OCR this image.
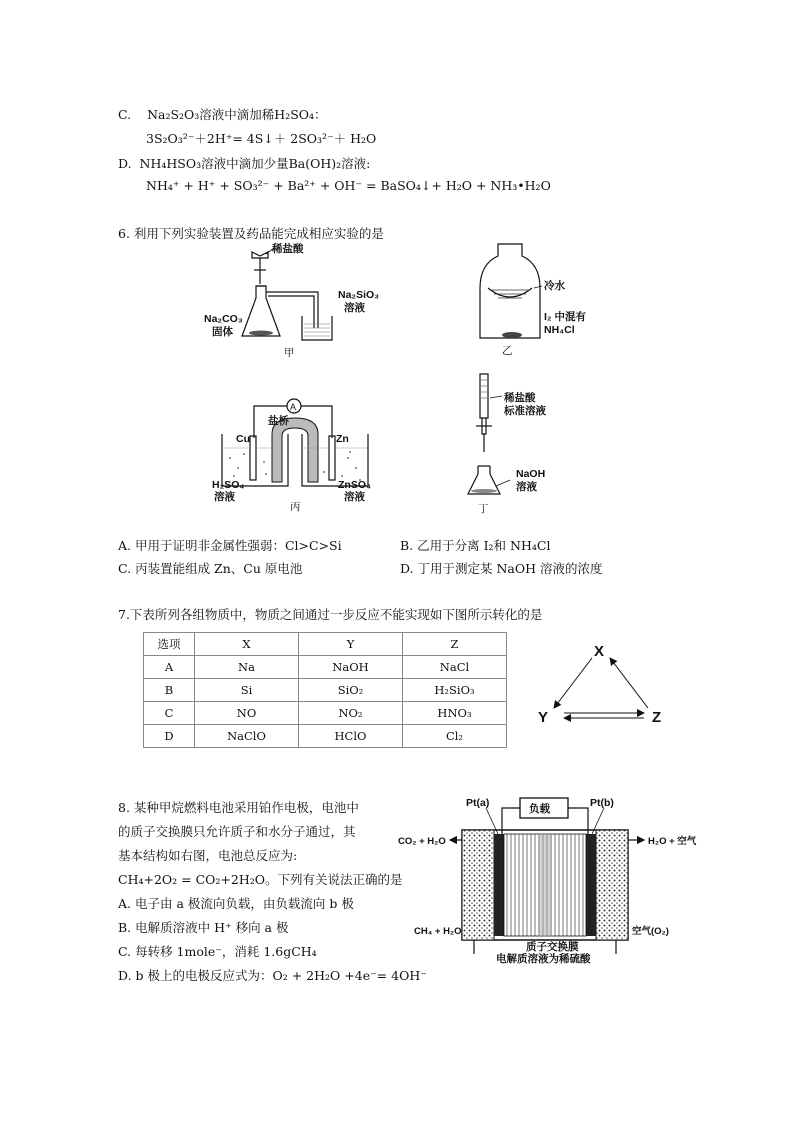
C. Na₂S₂O₃溶液中滴加稀H₂SO₄：
3S₂O₃²⁻＋2H⁺= 4S↓＋ 2SO₃²⁻＋ H₂O
D. NH₄HSO₃溶液中滴加少量Ba(OH)₂溶液:
NH₄⁺ + H⁺ + SO₃²⁻ + Ba²⁺ + OH⁻ = BaSO₄↓+ H₂O + NH₃•H₂O
6. 利用下列实验装置及药品能完成相应实验的是
稀盐酸
Na₂CO₃
固体
Na₂SiO₃
溶液
甲
冷水
I₂ 中混有
NH₄Cl
乙
A
盐桥
Cu	Zn
H₂SO₄
溶液
ZnSO₄
溶液
丙
稀盐酸
标准溶液
NaOH
溶液
丁
A. 甲用于证明非金属性强弱：Cl>C>Si	B. 乙用于分离 I₂和 NH₄Cl
C. 丙装置能组成 Zn、Cu 原电池	D. 丁用于测定某 NaOH 溶液的浓度
7.下表所列各组物质中，物质之间通过一步反应不能实现如下图所示转化的是
选项	X	Y	Z
A	Na	NaOH	NaCl
B	Si	SiO₂	H₂SiO₃
C	NO	NO₂	HNO₃
D	NaClO	HClO	Cl₂
X
Y	Z
8. 某种甲烷燃料电池采用铂作电极，电池中
的质子交换膜只允许质子和水分子通过，其
基本结构如右图，电池总反应为:
CH₄+2O₂ = CO₂+2H₂O。下列有关说法正确的是
A. 电子由 a 极流向负载，由负载流向 b 极
B. 电解质溶液中 H⁺ 移向 a 极
C. 每转移 1mole⁻，消耗 1.6gCH₄
D. b 极上的电极反应式为：O₂ + 2H₂O +4e⁻= 4OH⁻
负载
Pt(a)	Pt(b)
CO₂ + H₂O	H₂O + 空气
CH₄ + H₂O	空气(O₂)
质子交换膜
电解质溶液为稀硫酸
